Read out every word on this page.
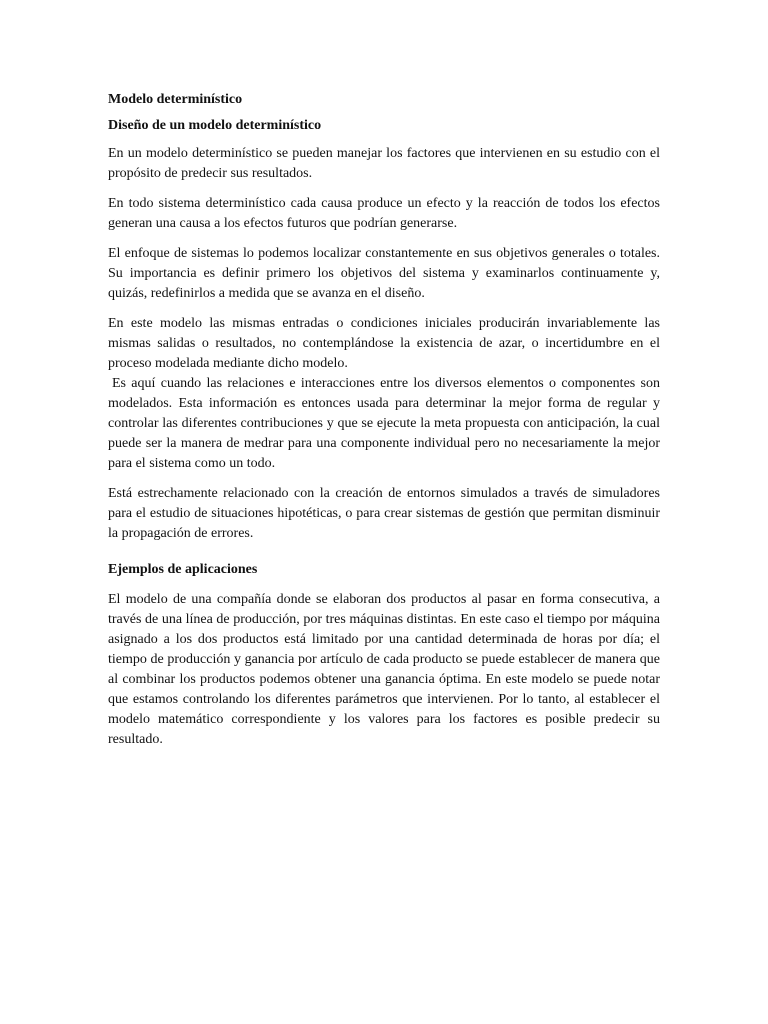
Modelo determinístico

Diseño de un modelo determinístico

En un modelo determinístico se pueden manejar los factores que intervienen en su estudio con el propósito de predecir sus resultados.

En todo sistema determinístico cada causa produce un efecto y la reacción de todos los efectos generan una causa a los efectos futuros que podrían generarse.

El enfoque de sistemas lo podemos localizar constantemente en sus objetivos generales o totales. Su importancia es definir primero los objetivos del sistema y examinarlos continuamente y, quizás, redefinirlos a medida que se avanza en el diseño.

En este modelo las mismas entradas o condiciones iniciales producirán invariablemente las mismas salidas o resultados, no contemplándose la existencia de azar, o incertidumbre en el proceso modelada mediante dicho modelo.

Es aquí cuando las relaciones e interacciones entre los diversos elementos o componentes son modelados. Esta información es entonces usada para determinar la mejor forma de regular y controlar las diferentes contribuciones y que se ejecute la meta propuesta con anticipación, la cual puede ser la manera de medrar para una componente individual pero no necesariamente la mejor para el sistema como un todo.

Está estrechamente relacionado con la creación de entornos simulados a través de simuladores para el estudio de situaciones hipotéticas, o para crear sistemas de gestión que permitan disminuir la propagación de errores.

Ejemplos de aplicaciones

El modelo de una compañía donde se elaboran dos productos al pasar en forma consecutiva, a través de una línea de producción, por tres máquinas distintas. En este caso el tiempo por máquina asignado a los dos productos está limitado por una cantidad determinada de horas por día; el tiempo de producción y ganancia por artículo de cada producto se puede establecer de manera que al combinar los productos podemos obtener una ganancia óptima. En este modelo se puede notar que estamos controlando los diferentes parámetros que intervienen. Por lo tanto, al establecer el modelo matemático correspondiente y los valores para los factores es posible predecir su resultado.
